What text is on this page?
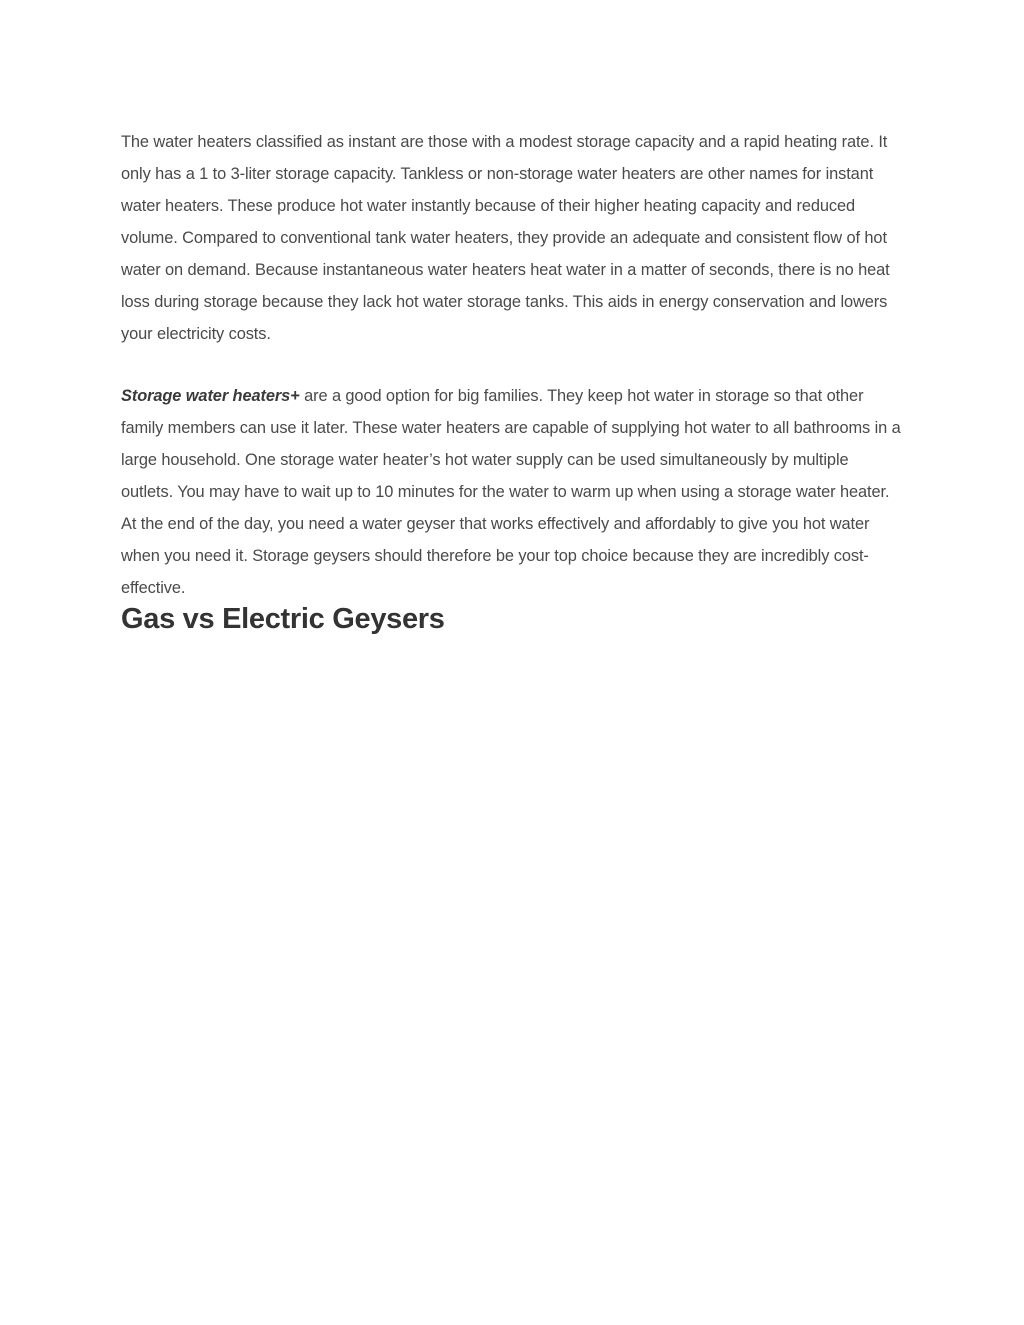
The water heaters classified as instant are those with a modest storage capacity and a rapid heating rate. It only has a 1 to 3-liter storage capacity. Tankless or non-storage water heaters are other names for instant water heaters. These produce hot water instantly because of their higher heating capacity and reduced volume. Compared to conventional tank water heaters, they provide an adequate and consistent flow of hot water on demand. Because instantaneous water heaters heat water in a matter of seconds, there is no heat loss during storage because they lack hot water storage tanks. This aids in energy conservation and lowers your electricity costs.

Storage water heaters+ are a good option for big families. They keep hot water in storage so that other family members can use it later. These water heaters are capable of supplying hot water to all bathrooms in a large household. One storage water heater’s hot water supply can be used simultaneously by multiple outlets. You may have to wait up to 10 minutes for the water to warm up when using a storage water heater. At the end of the day, you need a water geyser that works effectively and affordably to give you hot water when you need it. Storage geysers should therefore be your top choice because they are incredibly cost-effective.

Gas vs Electric Geysers
